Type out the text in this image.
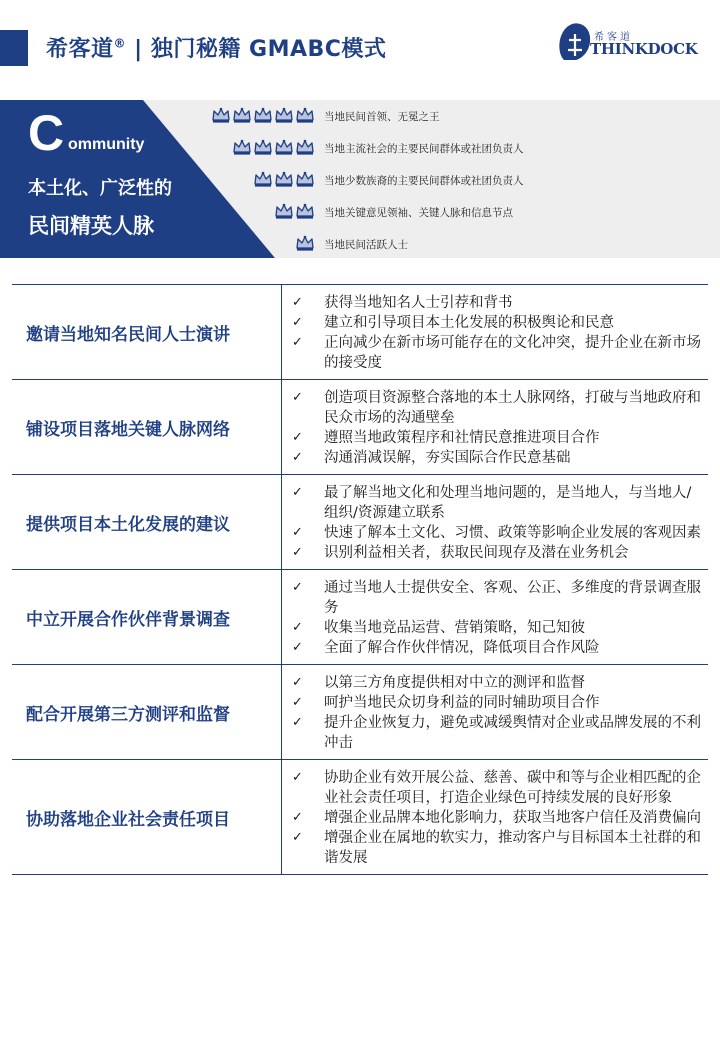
希客道® | 独门秘籍 GMABC模式	希客道
THINKDOCK
C ommunity
本土化、广泛性的
民间精英人脉
当地民间首领、无冕之王
当地主流社会的主要民间群体或社团负责人
当地少数族裔的主要民间群体或社团负责人
当地关键意见领袖、关键人脉和信息节点
当地民间活跃人士
邀请当地知名民间人士演讲
✓	获得当地知名人士引荐和背书
✓	建立和引导项目本土化发展的积极舆论和民意
✓	正向减少在新市场可能存在的文化冲突，提升企业在新市场的接受度
铺设项目落地关键人脉网络
✓	创造项目资源整合落地的本土人脉网络，打破与当地政府和民众市场的沟通壁垒
✓	遵照当地政策程序和社情民意推进项目合作
✓	沟通消减误解，夯实国际合作民意基础
提供项目本土化发展的建议
✓	最了解当地文化和处理当地问题的，是当地人，与当地人/组织/资源建立联系
✓	快速了解本土文化、习惯、政策等影响企业发展的客观因素
✓	识别利益相关者，获取民间现存及潜在业务机会
中立开展合作伙伴背景调查
✓	通过当地人士提供安全、客观、公正、多维度的背景调查服务
✓	收集当地竞品运营、营销策略，知己知彼
✓	全面了解合作伙伴情况，降低项目合作风险
配合开展第三方测评和监督
✓	以第三方角度提供相对中立的测评和监督
✓	呵护当地民众切身利益的同时辅助项目合作
✓	提升企业恢复力，避免或减缓舆情对企业或品牌发展的不利冲击
协助落地企业社会责任项目
✓	协助企业有效开展公益、慈善、碳中和等与企业相匹配的企业社会责任项目，打造企业绿色可持续发展的良好形象
✓	增强企业品牌本地化影响力，获取当地客户信任及消费偏向
✓	增强企业在属地的软实力，推动客户与目标国本土社群的和谐发展
